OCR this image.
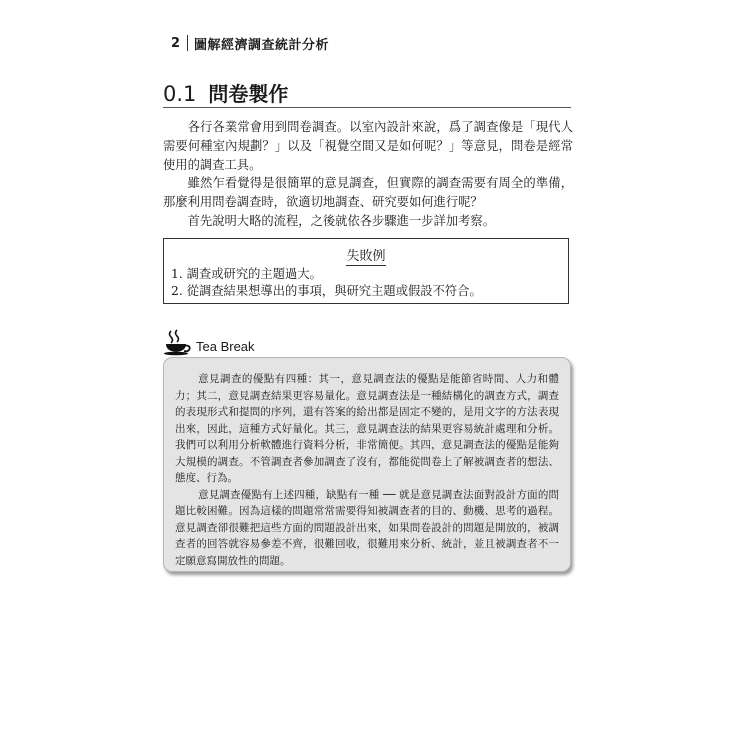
2	圖解經濟調查統計分析
0.1 問卷製作

各行各業常會用到問卷調查。以室內設計來說，爲了調查像是「現代人需要何種室內規劃？」以及「視覺空間又是如何呢？」等意見，問卷是經常使用的調查工具。

雖然乍看覺得是很簡單的意見調查，但實際的調查需要有周全的準備，那麼利用問卷調查時，欲適切地調查、研究要如何進行呢？

首先說明大略的流程，之後就依各步驟進一步詳加考察。

失敗例
1. 調查或研究的主題過大。
2. 從調查結果想導出的事項，與研究主題或假設不符合。
Tea Break

意見調查的優點有四種：其一，意見調查法的優點是能節省時間、人力和體力；其二，意見調查結果更容易量化。意見調查法是一種結構化的調查方式，調查的表現形式和提問的序列，還有答案的給出都是固定不變的，是用文字的方法表現出來，因此，這種方式好量化。其三，意見調查法的結果更容易統計處理和分析。我們可以利用分析軟體進行資料分析，非常簡便。其四，意見調查法的優點是能夠大規模的調查。不管調查者參加調查了沒有，都能從問卷上了解被調查者的想法、態度、行為。

意見調查優點有上述四種，缺點有一種 ── 就是意見調查法面對設計方面的問題比較困難。因為這樣的問題常常需要得知被調查者的目的、動機、思考的過程。意見調查卻很難把這些方面的問題設計出來，如果問卷設計的問題是開放的，被調查者的回答就容易參差不齊，很難回收，很難用來分析、統計，並且被調查者不一定願意寫開放性的問題。
